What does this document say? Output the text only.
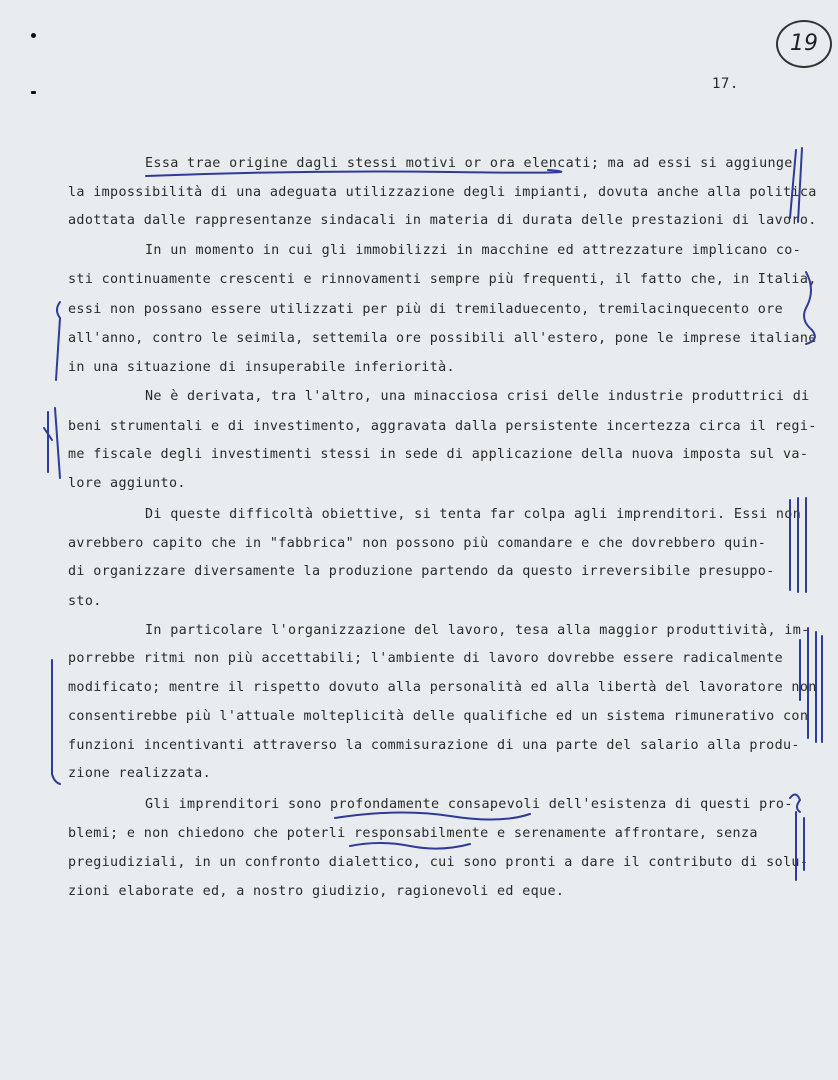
19
17.
Essa trae origine dagli stessi motivi or ora elencati; ma ad essi si aggiunge
la impossibilità di una adeguata utilizzazione degli impianti, dovuta anche alla politica
adottata dalle rappresentanze sindacali in materia di durata delle prestazioni di lavoro.
In un momento in cui gli immobilizzi in macchine ed attrezzature implicano co-
sti continuamente crescenti e rinnovamenti sempre più frequenti, il fatto che, in Italia,
essi non possano essere utilizzati per più di tremiladuecento, tremilacinquecento ore
all'anno, contro le seimila, settemila ore possibili all'estero, pone le imprese italiane
in una situazione di insuperabile inferiorità.
Ne è derivata, tra l'altro, una minacciosa crisi delle industrie produttrici di
beni strumentali e di investimento, aggravata dalla persistente incertezza circa il regi-
me fiscale degli investimenti stessi in sede di applicazione della nuova imposta sul va-
lore aggiunto.
Di queste difficoltà obiettive, si tenta far colpa agli imprenditori. Essi non
avrebbero capito che in "fabbrica" non possono più comandare e che dovrebbero quin-
di organizzare diversamente la produzione partendo da questo irreversibile presuppo-
sto.
In particolare l'organizzazione del lavoro, tesa alla maggior produttività, im-
porrebbe ritmi non più accettabili; l'ambiente di lavoro dovrebbe essere radicalmente
modificato; mentre il rispetto dovuto alla personalità ed alla libertà del lavoratore non
consentirebbe più l'attuale molteplicità delle qualifiche ed un sistema rimunerativo con
funzioni incentivanti attraverso la commisurazione di una parte del salario alla produ-
zione realizzata.
Gli imprenditori sono profondamente consapevoli dell'esistenza di questi pro-
blemi; e non chiedono che poterli responsabilmente e serenamente affrontare, senza
pregiudiziali, in un confronto dialettico, cui sono pronti a dare il contributo di solu-
zioni elaborate ed, a nostro giudizio, ragionevoli ed eque.
